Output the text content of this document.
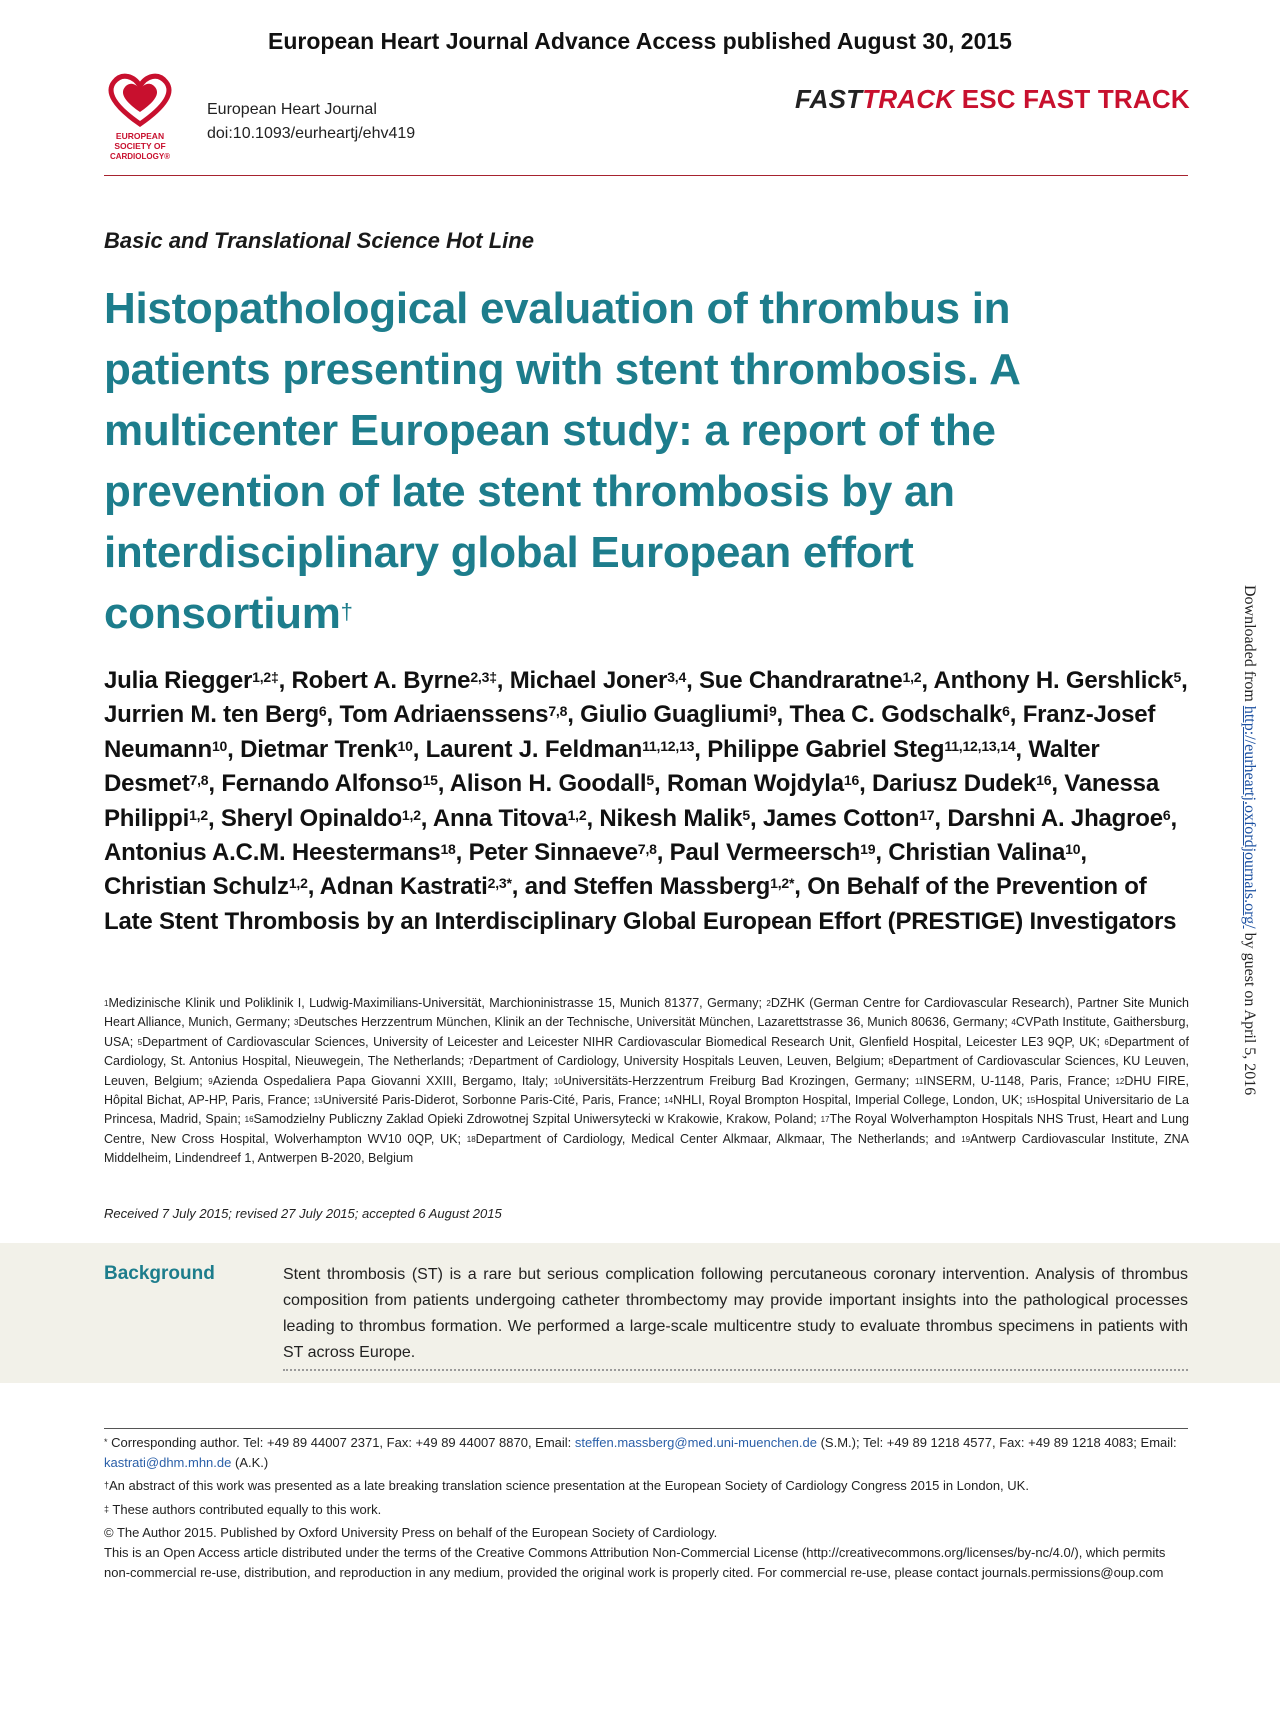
European Heart Journal Advance Access published August 30, 2015
EUROPEAN
SOCIETY OF
CARDIOLOGY®
European Heart Journal
doi:10.1093/eurheartj/ehv419
FASTTRACK ESC FAST TRACK
Basic and Translational Science Hot Line
Histopathological evaluation of thrombus in patients presenting with stent thrombosis. A multicenter European study: a report of the prevention of late stent thrombosis by an interdisciplinary global European effort consortium†
Julia Riegger$^{1,2\ddagger}$, Robert A. Byrne$^{2,3\ddagger}$, Michael Joner$^{3,4}$, Sue Chandraratne$^{1,2}$, Anthony H. Gershlick$^5$, Jurrien M. ten Berg$^6$, Tom Adriaenssens$^{7,8}$, Giulio Guagliumi$^9$, Thea C. Godschalk$^6$, Franz-Josef Neumann$^{10}$, Dietmar Trenk$^{10}$, Laurent J. Feldman$^{11,12,13}$, Philippe Gabriel Steg$^{11,12,13,14}$, Walter Desmet$^{7,8}$, Fernando Alfonso$^{15}$, Alison H. Goodall$^5$, Roman Wojdyla$^{16}$, Dariusz Dudek$^{16}$, Vanessa Philippi$^{1,2}$, Sheryl Opinaldo$^{1,2}$, Anna Titova$^{1,2}$, Nikesh Malik$^5$, James Cotton$^{17}$, Darshni A. Jhagroe$^6$, Antonius A.C.M. Heestermans$^{18}$, Peter Sinnaeve$^{7,8}$, Paul Vermeersch$^{19}$, Christian Valina$^{10}$, Christian Schulz$^{1,2}$, Adnan Kastrati$^{2,3*}$, and Steffen Massberg$^{1,2*}$, On Behalf of the Prevention of Late Stent Thrombosis by an Interdisciplinary Global European Effort (PRESTIGE) Investigators
$^1$Medizinische Klinik und Poliklinik I, Ludwig-Maximilians-Universität, Marchioninistrasse 15, Munich 81377, Germany; $^2$DZHK (German Centre for Cardiovascular Research), Partner Site Munich Heart Alliance, Munich, Germany; $^3$Deutsches Herzzentrum München, Klinik an der Technische, Universität München, Lazarettstrasse 36, Munich 80636, Germany; $^4$CVPath Institute, Gaithersburg, USA; $^5$Department of Cardiovascular Sciences, University of Leicester and Leicester NIHR Cardiovascular Biomedical Research Unit, Glenfield Hospital, Leicester LE3 9QP, UK; $^6$Department of Cardiology, St. Antonius Hospital, Nieuwegein, The Netherlands; $^7$Department of Cardiology, University Hospitals Leuven, Leuven, Belgium; $^8$Department of Cardiovascular Sciences, KU Leuven, Leuven, Belgium; $^9$Azienda Ospedaliera Papa Giovanni XXIII, Bergamo, Italy; $^{10}$Universitäts-Herzzentrum Freiburg Bad Krozingen, Germany; $^{11}$INSERM, U-1148, Paris, France; $^{12}$DHU FIRE, Hôpital Bichat, AP-HP, Paris, France; $^{13}$Université Paris-Diderot, Sorbonne Paris-Cité, Paris, France; $^{14}$NHLI, Royal Brompton Hospital, Imperial College, London, UK; $^{15}$Hospital Universitario de La Princesa, Madrid, Spain; $^{16}$Samodzielny Publiczny Zaklad Opieki Zdrowotnej Szpital Uniwersytecki w Krakowie, Krakow, Poland; $^{17}$The Royal Wolverhampton Hospitals NHS Trust, Heart and Lung Centre, New Cross Hospital, Wolverhampton WV10 0QP, UK; $^{18}$Department of Cardiology, Medical Center Alkmaar, Alkmaar, The Netherlands; and $^{19}$Antwerp Cardiovascular Institute, ZNA Middelheim, Lindendreef 1, Antwerpen B-2020, Belgium
Received 7 July 2015; revised 27 July 2015; accepted 6 August 2015
Background	Stent thrombosis (ST) is a rare but serious complication following percutaneous coronary intervention. Analysis of thrombus composition from patients undergoing catheter thrombectomy may provide important insights into the pathological processes leading to thrombus formation. We performed a large-scale multicentre study to evaluate thrombus specimens in patients with ST across Europe.

* Corresponding author. Tel: +49 89 44007 2371, Fax: +49 89 44007 8870, Email: steffen.massberg@med.uni-muenchen.de (S.M.); Tel: +49 89 1218 4577, Fax: +49 89 1218 4083; Email: kastrati@dhm.mhn.de (A.K.)

†An abstract of this work was presented as a late breaking translation science presentation at the European Society of Cardiology Congress 2015 in London, UK.

‡ These authors contributed equally to this work.

© The Author 2015. Published by Oxford University Press on behalf of the European Society of Cardiology.

This is an Open Access article distributed under the terms of the Creative Commons Attribution Non-Commercial License (http://creativecommons.org/licenses/by-nc/4.0/), which permits non-commercial re-use, distribution, and reproduction in any medium, provided the original work is properly cited. For commercial re-use, please contact journals.permissions@oup.com

Downloaded from http://eurheartj.oxfordjournals.org/ by guest on April 5, 2016
